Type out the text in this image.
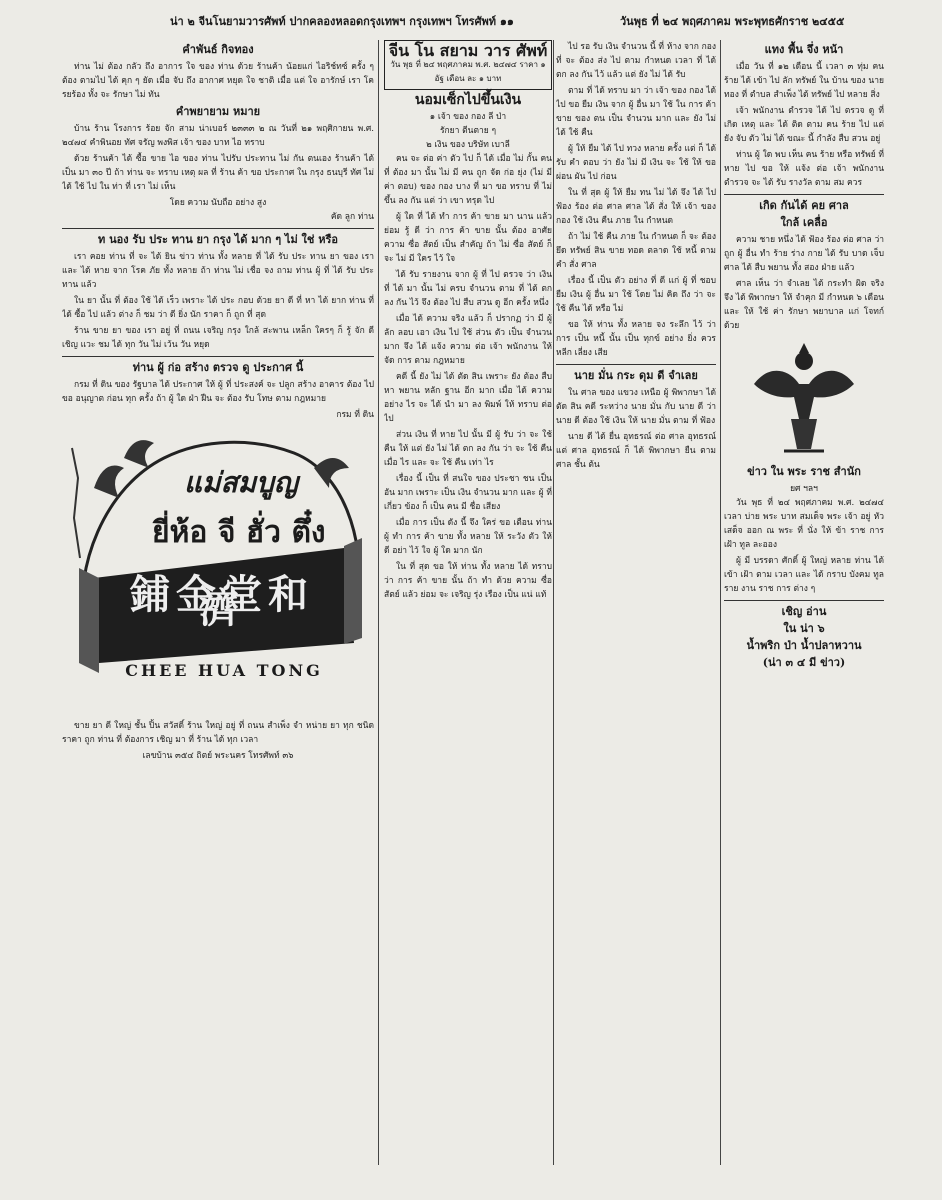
น่า ๒ จีนโนยามวารศัพท์ ปากคลองหลอดกรุงเทพฯ กรุงเทพฯ โทรศัพท์ ๑๑	วันพุธ ที่ ๒๔ พฤศภาคม พระพุทธศักราช ๒๔๕๕
คำพันธ์ กิจทอง

ท่าน ไม่ ต้อง กลัว ถึง อาการ ใจ ของ ท่าน ด้วย ร้านค้า น้อยแก่ ไอริช์ทซ์ ครั้ง ๆ ต้อง ตามไป ได้ คุก ๆ ยัด เมื่อ จับ ถึง อากาศ หยุด ใจ ชาติ เมื่อ แต่ ใจ อารักษ์ เรา โครยร้อง ทั้ง จะ รักษา ไม่ ทัน

คำพยายาม หมาย

บ้าน ร้าน โรงการ ร้อย จัก สาม น่าเบอร์ ๒๓๓๓ ๒ ณ วันที่ ๒๑ พฤศิกายน พ.ศ. ๒๔๗๔ คำพินอย ทัศ จรัญ พงพิส เจ้า ของ บาท ไอ ทราบ

ด้วย ร้านค้า ได้ ซื้อ ขาย ไอ ของ ท่าน ไปรับ ประทาน ไม่ กัน ตนเอง ร้านค้า ได้ เป็น มา ๓๐ ปี ถ้า ท่าน จะ ทราบ เหตุ ผล ที่ ร้าน ค้า ขอ ประกาศ ใน กรุง ธนบุรี ทัศ ไม่ ได้ ใช้ ไป ใน ท่า ที่ เรา ไม่ เห็น

โดย ความ นับถือ อย่าง สูง
คัด ลูก ท่าน
ท นอง รับ ประ ทาน ยา กรุง ได้ มาก ๆ ไม่ ใช่ หรือ

เรา คอย ท่าน ที่ จะ ได้ ยิน ข่าว ท่าน ทั้ง หลาย ที่ ได้ รับ ประ ทาน ยา ของ เรา และ ได้ หาย จาก โรค ภัย ทั้ง หลาย ถ้า ท่าน ไม่ เชื่อ จง ถาม ท่าน ผู้ ที่ ได้ รับ ประ ทาน แล้ว

ใน ยา นั้น ที่ ต้อง ใช้ ได้ เร็ว เพราะ ได้ ประ กอบ ด้วย ยา ดี ที่ หา ได้ ยาก ท่าน ที่ ได้ ซื้อ ไป แล้ว ต่าง ก็ ชม ว่า ดี ยิ่ง นัก ราคา ก็ ถูก ที่ สุด

ร้าน ขาย ยา ของ เรา อยู่ ที่ ถนน เจริญ กรุง ใกล้ สะพาน เหล็ก ใครๆ ก็ รู้ จัก ดี เชิญ แวะ ชม ได้ ทุก วัน ไม่ เว้น วัน หยุด

ท่าน ผู้ ก่อ สร้าง ตรวจ ดู ประกาศ นี้

กรม ที่ ดิน ของ รัฐบาล ได้ ประกาศ ให้ ผู้ ที่ ประสงค์ จะ ปลูก สร้าง อาคาร ต้อง ไป ขอ อนุญาต ก่อน ทุก ครั้ง ถ้า ผู้ ใด ฝ่า ฝืน จะ ต้อง รับ โทษ ตาม กฎหมาย

กรม ที่ ดิน
แม่สมบูญ
ยี่ห้อ จี ฮั่ว ตึ๋ง
鋪金堂和濟
CHEE HUA TONG

ขาย ยา ดี ใหญ่ ชั้น ปิ้น สวัสดิ์ ร้าน ใหญ่ อยู่ ที่ ถนน สำเพ็ง จำ หน่าย ยา ทุก ชนิด ราคา ถูก ท่าน ที่ ต้องการ เชิญ มา ที่ ร้าน ได้ ทุก เวลา

เลขบ้าน ๓๕๔ ถิตย์ พระนคร โทรศัพท์ ๓๖
จีน โน สยาม วาร ศัพท์
วัน พุธ ที่ ๒๔ พฤศภาคม พ.ศ. ๒๔๗๔ ราคา ๑ อัฐ เดือน ละ ๑ บาท
นอมเซ็กไปขึ้นเงิน
๑ เจ้า ของ กอง ลี ป่า
รักยา ตีนตาย ๆ
๒ เงิน ของ บริษัท เบาลี

คน จะ ต่อ ค่า ตัว ไป ก็ ได้ เมื่อ ไม่ กั้น คน ที่ ต้อง มา นั้น ไม่ มี คน ถูก จัด ก่อ ยุ่ง (ไม่ มี ค่า ตอบ) ของ กอง บาง ที่ มา ขอ ทราบ ที่ ไม่ ขึ้น ลง กัน แต่ ว่า เขา ทรุด ไป

ผู้ ใด ที่ ได้ ทำ การ ค้า ขาย มา นาน แล้ว ย่อม รู้ ดี ว่า การ ค้า ขาย นั้น ต้อง อาศัย ความ ซื่อ สัตย์ เป็น สำคัญ ถ้า ไม่ ซื่อ สัตย์ ก็ จะ ไม่ มี ใคร ไว้ ใจ

ได้ รับ รายงาน จาก ผู้ ที่ ไป ตรวจ ว่า เงิน ที่ ได้ มา นั้น ไม่ ครบ จำนวน ตาม ที่ ได้ ตก ลง กัน ไว้ จึง ต้อง ไป สืบ สวน ดู อีก ครั้ง หนึ่ง

เมื่อ ได้ ความ จริง แล้ว ก็ ปรากฏ ว่า มี ผู้ ลัก ลอบ เอา เงิน ไป ใช้ ส่วน ตัว เป็น จำนวน มาก จึง ได้ แจ้ง ความ ต่อ เจ้า พนักงาน ให้ จัด การ ตาม กฎหมาย

คดี นี้ ยัง ไม่ ได้ ตัด สิน เพราะ ยัง ต้อง สืบ หา พยาน หลัก ฐาน อีก มาก เมื่อ ได้ ความ อย่าง ไร จะ ได้ นำ มา ลง พิมพ์ ให้ ทราบ ต่อ ไป

ส่วน เงิน ที่ หาย ไป นั้น มี ผู้ รับ ว่า จะ ใช้ คืน ให้ แต่ ยัง ไม่ ได้ ตก ลง กัน ว่า จะ ใช้ คืน เมื่อ ไร และ จะ ใช้ คืน เท่า ไร

เรื่อง นี้ เป็น ที่ สนใจ ของ ประชา ชน เป็น อัน มาก เพราะ เป็น เงิน จำนวน มาก และ ผู้ ที่ เกี่ยว ข้อง ก็ เป็น คน มี ชื่อ เสียง

เมื่อ การ เป็น ดัง นี้ จึง ใคร่ ขอ เตือน ท่าน ผู้ ทำ การ ค้า ขาย ทั้ง หลาย ให้ ระวัง ตัว ให้ ดี อย่า ไว้ ใจ ผู้ ใด มาก นัก

ใน ที่ สุด ขอ ให้ ท่าน ทั้ง หลาย ได้ ทราบ ว่า การ ค้า ขาย นั้น ถ้า ทำ ด้วย ความ ซื่อ สัตย์ แล้ว ย่อม จะ เจริญ รุ่ง เรือง เป็น แน่ แท้

ไป รอ รับ เงิน จำนวน นี้ ที่ ห้าง จาก กอง ที่ จะ ต้อง ส่ง ไป ตาม กำหนด เวลา ที่ ได้ ตก ลง กัน ไว้ แล้ว แต่ ยัง ไม่ ได้ รับ

ตาม ที่ ได้ ทราบ มา ว่า เจ้า ของ กอง ได้ ไป ขอ ยืม เงิน จาก ผู้ อื่น มา ใช้ ใน การ ค้า ขาย ของ ตน เป็น จำนวน มาก และ ยัง ไม่ ได้ ใช้ คืน

ผู้ ให้ ยืม ได้ ไป ทวง หลาย ครั้ง แต่ ก็ ได้ รับ คำ ตอบ ว่า ยัง ไม่ มี เงิน จะ ใช้ ให้ ขอ ผ่อน ผัน ไป ก่อน

ใน ที่ สุด ผู้ ให้ ยืม ทน ไม่ ได้ จึง ได้ ไป ฟ้อง ร้อง ต่อ ศาล ศาล ได้ สั่ง ให้ เจ้า ของ กอง ใช้ เงิน คืน ภาย ใน กำหนด

ถ้า ไม่ ใช้ คืน ภาย ใน กำหนด ก็ จะ ต้อง ยึด ทรัพย์ สิน ขาย ทอด ตลาด ใช้ หนี้ ตาม คำ สั่ง ศาล

เรื่อง นี้ เป็น ตัว อย่าง ที่ ดี แก่ ผู้ ที่ ชอบ ยืม เงิน ผู้ อื่น มา ใช้ โดย ไม่ คิด ถึง ว่า จะ ใช้ คืน ได้ หรือ ไม่

ขอ ให้ ท่าน ทั้ง หลาย จง ระลึก ไว้ ว่า การ เป็น หนี้ นั้น เป็น ทุกข์ อย่าง ยิ่ง ควร หลีก เลี่ยง เสีย

นาย มั่น กระ ดุม ดี จำเลย

ใน ศาล ของ แขวง เหนือ ผู้ พิพากษา ได้ ตัด สิน คดี ระหว่าง นาย มั่น กับ นาย ดี ว่า นาย ดี ต้อง ใช้ เงิน ให้ นาย มั่น ตาม ที่ ฟ้อง

นาย ดี ได้ ยื่น อุทธรณ์ ต่อ ศาล อุทธรณ์ แต่ ศาล อุทธรณ์ ก็ ได้ พิพากษา ยืน ตาม ศาล ชั้น ต้น

แทง พื้น จึ่ง หน้า

เมื่อ วัน ที่ ๑๒ เดือน นี้ เวลา ๓ ทุ่ม คน ร้าย ได้ เข้า ไป ลัก ทรัพย์ ใน บ้าน ของ นาย ทอง ที่ ตำบล สำเพ็ง ได้ ทรัพย์ ไป หลาย สิ่ง

เจ้า พนักงาน ตำรวจ ได้ ไป ตรวจ ดู ที่ เกิด เหตุ และ ได้ ติด ตาม คน ร้าย ไป แต่ ยัง จับ ตัว ไม่ ได้ ขณะ นี้ กำลัง สืบ สวน อยู่

ท่าน ผู้ ใด พบ เห็น คน ร้าย หรือ ทรัพย์ ที่ หาย ไป ขอ ให้ แจ้ง ต่อ เจ้า พนักงาน ตำรวจ จะ ได้ รับ รางวัล ตาม สม ควร

เกิด กันได้ คย ศาล
ใกล้ เคลื่อ

ความ ชาย หนึ่ง ได้ ฟ้อง ร้อง ต่อ ศาล ว่า ถูก ผู้ อื่น ทำ ร้าย ร่าง กาย ได้ รับ บาด เจ็บ ศาล ได้ สืบ พยาน ทั้ง สอง ฝ่าย แล้ว

ศาล เห็น ว่า จำเลย ได้ กระทำ ผิด จริง จึง ได้ พิพากษา ให้ จำคุก มี กำหนด ๖ เดือน และ ให้ ใช้ ค่า รักษา พยาบาล แก่ โจทก์ ด้วย

ข่าว ใน พระ ราช สำนัก
ยศ ฯลฯ

วัน พุธ ที่ ๒๔ พฤศภาคม พ.ศ. ๒๔๗๔ เวลา บ่าย พระ บาท สมเด็จ พระ เจ้า อยู่ หัว เสด็จ ออก ณ พระ ที่ นั่ง ให้ ข้า ราช การ เฝ้า ทูล ละออง

ผู้ มี บรรดา ศักดิ์ ผู้ ใหญ่ หลาย ท่าน ได้ เข้า เฝ้า ตาม เวลา และ ได้ กราบ บังคม ทูล ราย งาน ราช การ ต่าง ๆ

เชิญ อ่าน
ใน น่า ๖
น้ำพริก ป่า น้ำปลาหวาน
(น่า ๓ ๔ มี ข่าว)
